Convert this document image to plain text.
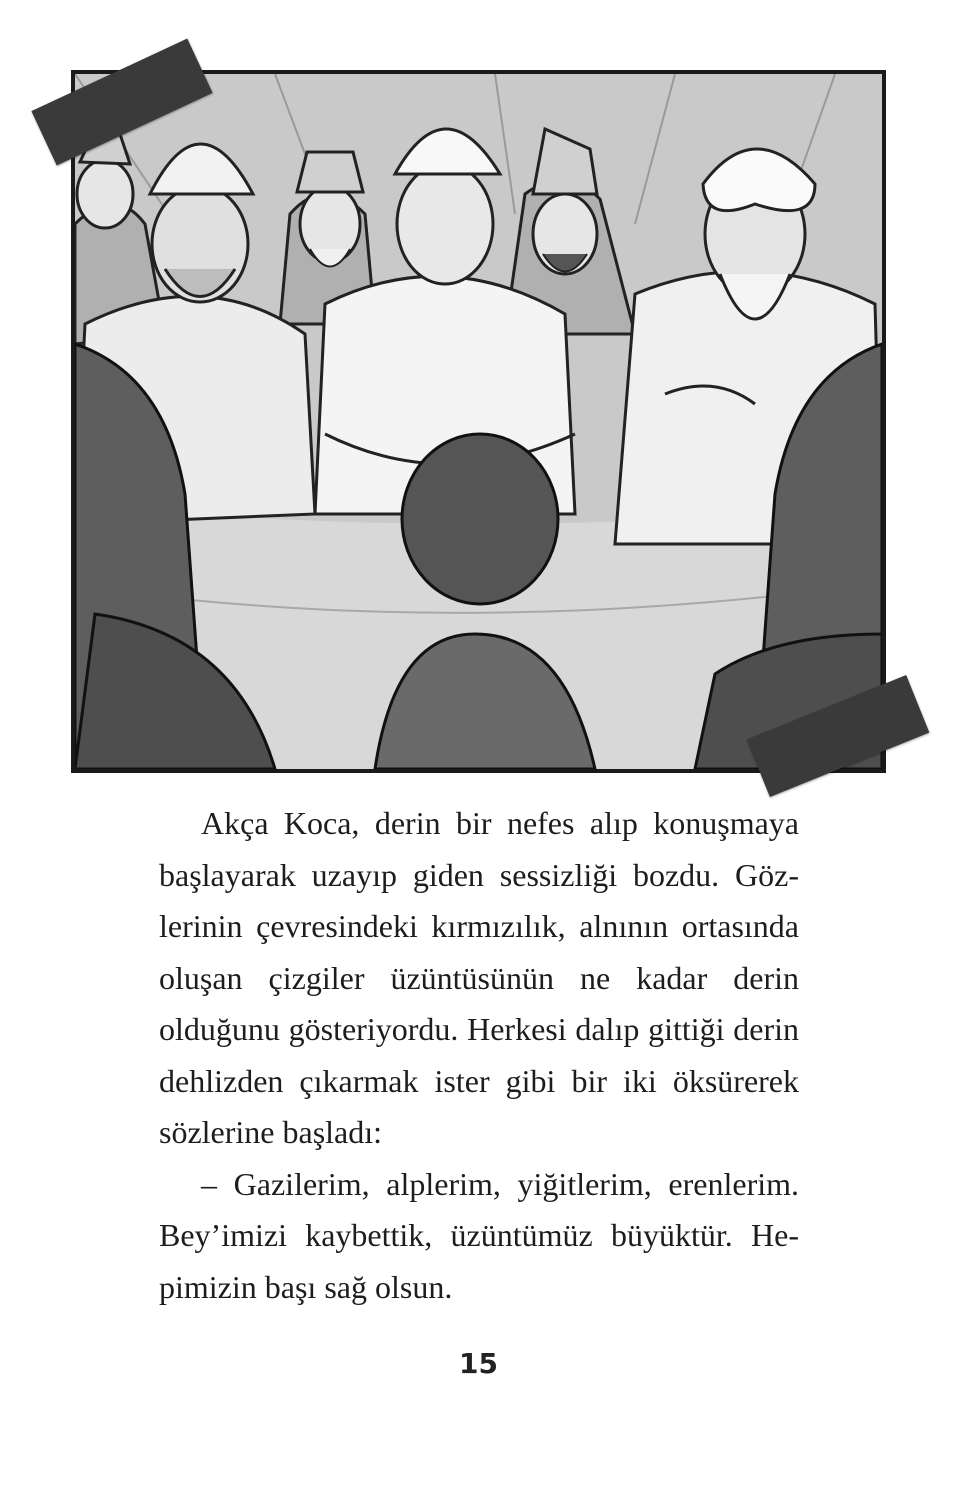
Akça Koca, derin bir nefes alıp konuşmaya başlayarak uzayıp giden sessizliği bozdu. Gözlerinin çevresindeki kırmızılık, alnının ortasında oluşan çizgiler üzüntüsünün ne kadar derin olduğunu gösteriyordu. Herkesi dalıp gittiği derin dehlizden çıkarmak ister gibi bir iki öksürerek sözlerine başladı:

– Gazilerim, alplerim, yiğitlerim, erenlerim. Bey’imizi kaybettik, üzüntümüz büyüktür. Hepimizin başı sağ olsun.

15
